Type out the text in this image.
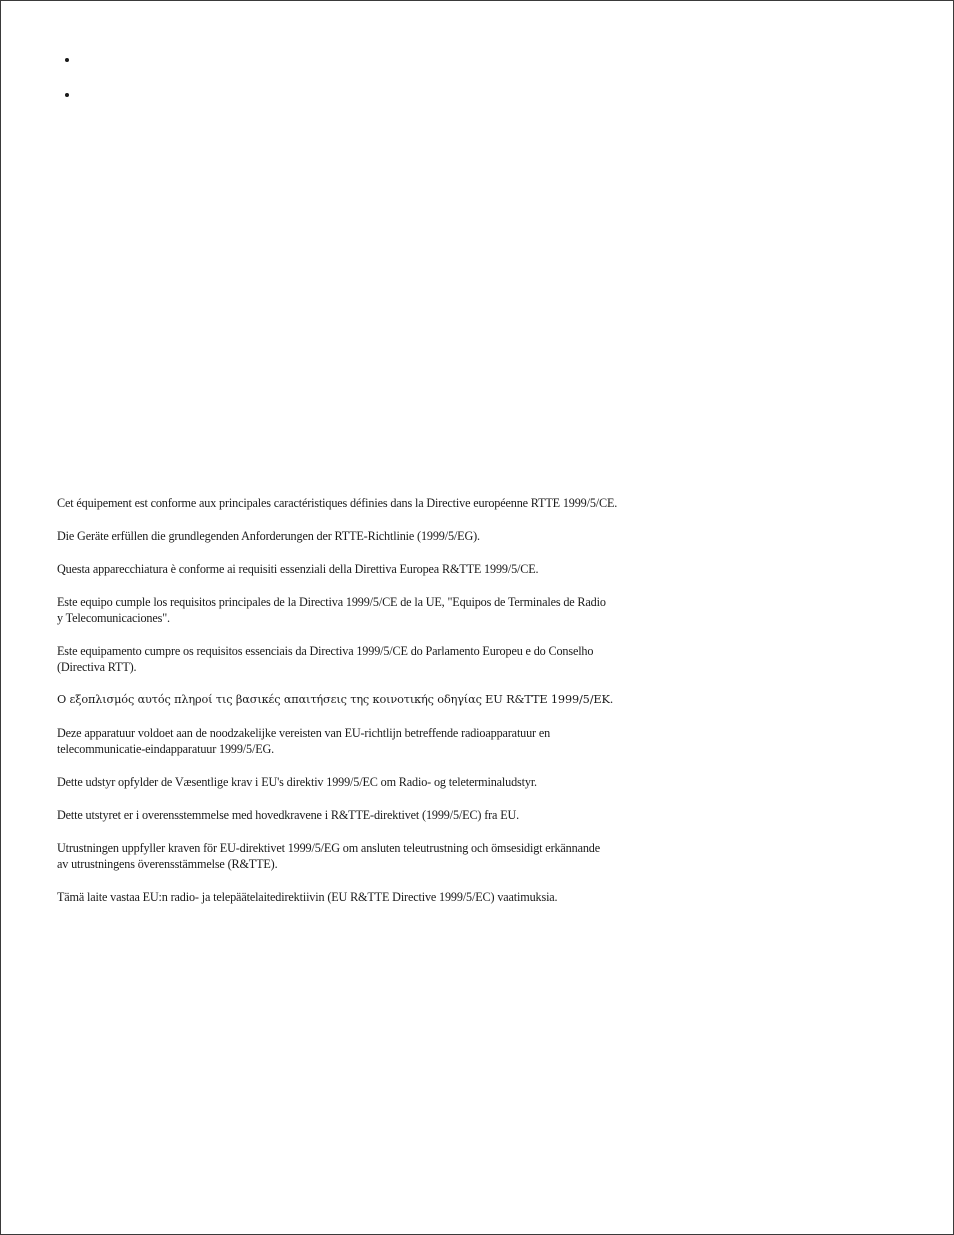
Cet équipement est conforme aux principales caractéristiques définies dans la Directive européenne RTTE 1999/5/CE.

Die Geräte erfüllen die grundlegenden Anforderungen der RTTE-Richtlinie (1999/5/EG).

Questa apparecchiatura è conforme ai requisiti essenziali della Direttiva Europea R&TTE 1999/5/CE.

Este equipo cumple los requisitos principales de la Directiva 1999/5/CE de la UE, "Equipos de Terminales de Radio
y Telecomunicaciones".

Este equipamento cumpre os requisitos essenciais da Directiva 1999/5/CE do Parlamento Europeu e do Conselho
(Directiva RTT).

Ο εξοπλισμός αυτός πληροί τις βασικές απαιτήσεις της κοινοτικής οδηγίας EU R&TTE 1999/5/EK.

Deze apparatuur voldoet aan de noodzakelijke vereisten van EU-richtlijn betreffende radioapparatuur en
telecommunicatie-eindapparatuur 1999/5/EG.

Dette udstyr opfylder de Væsentlige krav i EU's direktiv 1999/5/EC om Radio- og teleterminaludstyr.

Dette utstyret er i overensstemmelse med hovedkravene i R&TTE-direktivet (1999/5/EC) fra EU.

Utrustningen uppfyller kraven för EU-direktivet 1999/5/EG om ansluten teleutrustning och ömsesidigt erkännande
av utrustningens överensstämmelse (R&TTE).

Tämä laite vastaa EU:n radio- ja telepäätelaitedirektiivin (EU R&TTE Directive 1999/5/EC) vaatimuksia.
